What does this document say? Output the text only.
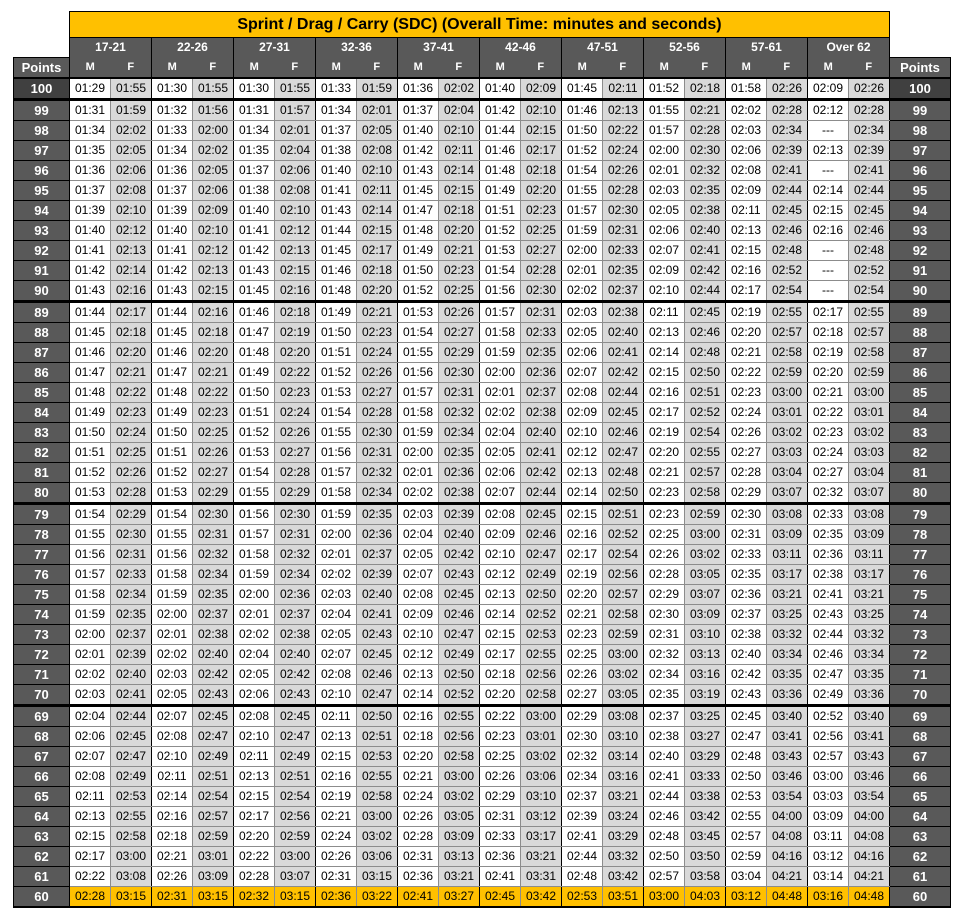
	Sprint / Drag / Carry (SDC) (Overall Time: minutes and seconds)																				
	17-21		22-26		27-31		32-36		37-41		42-46		47-51		52-56		57-61		Over 62		
Points	M	F	M	F	M	F	M	F	M	F	M	F	M	F	M	F	M	F	M	F	Points
100	01:29	01:55	01:30	01:55	01:30	01:55	01:33	01:59	01:36	02:02	01:40	02:09	01:45	02:11	01:52	02:18	01:58	02:26	02:09	02:26	100
99	01:31	01:59	01:32	01:56	01:31	01:57	01:34	02:01	01:37	02:04	01:42	02:10	01:46	02:13	01:55	02:21	02:02	02:28	02:12	02:28	99
98	01:34	02:02	01:33	02:00	01:34	02:01	01:37	02:05	01:40	02:10	01:44	02:15	01:50	02:22	01:57	02:28	02:03	02:34	---	02:34	98
97	01:35	02:05	01:34	02:02	01:35	02:04	01:38	02:08	01:42	02:11	01:46	02:17	01:52	02:24	02:00	02:30	02:06	02:39	02:13	02:39	97
96	01:36	02:06	01:36	02:05	01:37	02:06	01:40	02:10	01:43	02:14	01:48	02:18	01:54	02:26	02:01	02:32	02:08	02:41	---	02:41	96
95	01:37	02:08	01:37	02:06	01:38	02:08	01:41	02:11	01:45	02:15	01:49	02:20	01:55	02:28	02:03	02:35	02:09	02:44	02:14	02:44	95
94	01:39	02:10	01:39	02:09	01:40	02:10	01:43	02:14	01:47	02:18	01:51	02:23	01:57	02:30	02:05	02:38	02:11	02:45	02:15	02:45	94
93	01:40	02:12	01:40	02:10	01:41	02:12	01:44	02:15	01:48	02:20	01:52	02:25	01:59	02:31	02:06	02:40	02:13	02:46	02:16	02:46	93
92	01:41	02:13	01:41	02:12	01:42	02:13	01:45	02:17	01:49	02:21	01:53	02:27	02:00	02:33	02:07	02:41	02:15	02:48	---	02:48	92
91	01:42	02:14	01:42	02:13	01:43	02:15	01:46	02:18	01:50	02:23	01:54	02:28	02:01	02:35	02:09	02:42	02:16	02:52	---	02:52	91
90	01:43	02:16	01:43	02:15	01:45	02:16	01:48	02:20	01:52	02:25	01:56	02:30	02:02	02:37	02:10	02:44	02:17	02:54	---	02:54	90
89	01:44	02:17	01:44	02:16	01:46	02:18	01:49	02:21	01:53	02:26	01:57	02:31	02:03	02:38	02:11	02:45	02:19	02:55	02:17	02:55	89
88	01:45	02:18	01:45	02:18	01:47	02:19	01:50	02:23	01:54	02:27	01:58	02:33	02:05	02:40	02:13	02:46	02:20	02:57	02:18	02:57	88
87	01:46	02:20	01:46	02:20	01:48	02:20	01:51	02:24	01:55	02:29	01:59	02:35	02:06	02:41	02:14	02:48	02:21	02:58	02:19	02:58	87
86	01:47	02:21	01:47	02:21	01:49	02:22	01:52	02:26	01:56	02:30	02:00	02:36	02:07	02:42	02:15	02:50	02:22	02:59	02:20	02:59	86
85	01:48	02:22	01:48	02:22	01:50	02:23	01:53	02:27	01:57	02:31	02:01	02:37	02:08	02:44	02:16	02:51	02:23	03:00	02:21	03:00	85
84	01:49	02:23	01:49	02:23	01:51	02:24	01:54	02:28	01:58	02:32	02:02	02:38	02:09	02:45	02:17	02:52	02:24	03:01	02:22	03:01	84
83	01:50	02:24	01:50	02:25	01:52	02:26	01:55	02:30	01:59	02:34	02:04	02:40	02:10	02:46	02:19	02:54	02:26	03:02	02:23	03:02	83
82	01:51	02:25	01:51	02:26	01:53	02:27	01:56	02:31	02:00	02:35	02:05	02:41	02:12	02:47	02:20	02:55	02:27	03:03	02:24	03:03	82
81	01:52	02:26	01:52	02:27	01:54	02:28	01:57	02:32	02:01	02:36	02:06	02:42	02:13	02:48	02:21	02:57	02:28	03:04	02:27	03:04	81
80	01:53	02:28	01:53	02:29	01:55	02:29	01:58	02:34	02:02	02:38	02:07	02:44	02:14	02:50	02:23	02:58	02:29	03:07	02:32	03:07	80
79	01:54	02:29	01:54	02:30	01:56	02:30	01:59	02:35	02:03	02:39	02:08	02:45	02:15	02:51	02:23	02:59	02:30	03:08	02:33	03:08	79
78	01:55	02:30	01:55	02:31	01:57	02:31	02:00	02:36	02:04	02:40	02:09	02:46	02:16	02:52	02:25	03:00	02:31	03:09	02:35	03:09	78
77	01:56	02:31	01:56	02:32	01:58	02:32	02:01	02:37	02:05	02:42	02:10	02:47	02:17	02:54	02:26	03:02	02:33	03:11	02:36	03:11	77
76	01:57	02:33	01:58	02:34	01:59	02:34	02:02	02:39	02:07	02:43	02:12	02:49	02:19	02:56	02:28	03:05	02:35	03:17	02:38	03:17	76
75	01:58	02:34	01:59	02:35	02:00	02:36	02:03	02:40	02:08	02:45	02:13	02:50	02:20	02:57	02:29	03:07	02:36	03:21	02:41	03:21	75
74	01:59	02:35	02:00	02:37	02:01	02:37	02:04	02:41	02:09	02:46	02:14	02:52	02:21	02:58	02:30	03:09	02:37	03:25	02:43	03:25	74
73	02:00	02:37	02:01	02:38	02:02	02:38	02:05	02:43	02:10	02:47	02:15	02:53	02:23	02:59	02:31	03:10	02:38	03:32	02:44	03:32	73
72	02:01	02:39	02:02	02:40	02:04	02:40	02:07	02:45	02:12	02:49	02:17	02:55	02:25	03:00	02:32	03:13	02:40	03:34	02:46	03:34	72
71	02:02	02:40	02:03	02:42	02:05	02:42	02:08	02:46	02:13	02:50	02:18	02:56	02:26	03:02	02:34	03:16	02:42	03:35	02:47	03:35	71
70	02:03	02:41	02:05	02:43	02:06	02:43	02:10	02:47	02:14	02:52	02:20	02:58	02:27	03:05	02:35	03:19	02:43	03:36	02:49	03:36	70
69	02:04	02:44	02:07	02:45	02:08	02:45	02:11	02:50	02:16	02:55	02:22	03:00	02:29	03:08	02:37	03:25	02:45	03:40	02:52	03:40	69
68	02:06	02:45	02:08	02:47	02:10	02:47	02:13	02:51	02:18	02:56	02:23	03:01	02:30	03:10	02:38	03:27	02:47	03:41	02:56	03:41	68
67	02:07	02:47	02:10	02:49	02:11	02:49	02:15	02:53	02:20	02:58	02:25	03:02	02:32	03:14	02:40	03:29	02:48	03:43	02:57	03:43	67
66	02:08	02:49	02:11	02:51	02:13	02:51	02:16	02:55	02:21	03:00	02:26	03:06	02:34	03:16	02:41	03:33	02:50	03:46	03:00	03:46	66
65	02:11	02:53	02:14	02:54	02:15	02:54	02:19	02:58	02:24	03:02	02:29	03:10	02:37	03:21	02:44	03:38	02:53	03:54	03:03	03:54	65
64	02:13	02:55	02:16	02:57	02:17	02:56	02:21	03:00	02:26	03:05	02:31	03:12	02:39	03:24	02:46	03:42	02:55	04:00	03:09	04:00	64
63	02:15	02:58	02:18	02:59	02:20	02:59	02:24	03:02	02:28	03:09	02:33	03:17	02:41	03:29	02:48	03:45	02:57	04:08	03:11	04:08	63
62	02:17	03:00	02:21	03:01	02:22	03:00	02:26	03:06	02:31	03:13	02:36	03:21	02:44	03:32	02:50	03:50	02:59	04:16	03:12	04:16	62
61	02:22	03:08	02:26	03:09	02:28	03:07	02:31	03:15	02:36	03:21	02:41	03:31	02:48	03:42	02:57	03:58	03:04	04:21	03:14	04:21	61
60	02:28	03:15	02:31	03:15	02:32	03:15	02:36	03:22	02:41	03:27	02:45	03:42	02:53	03:51	03:00	04:03	03:12	04:48	03:16	04:48	60
